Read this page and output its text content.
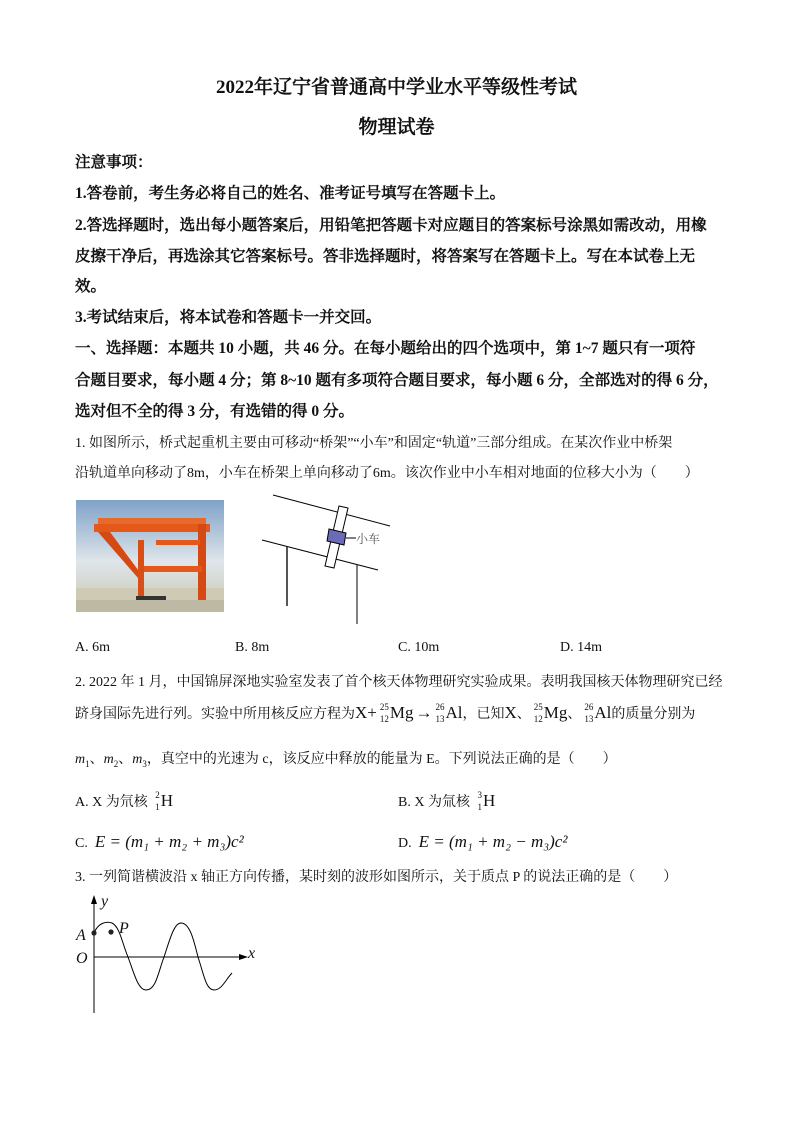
2022年辽宁省普通高中学业水平等级性考试
物理试卷
注意事项：
1.答卷前，考生务必将自己的姓名、准考证号填写在答题卡上。
2.答选择题时，选出每小题答案后，用铅笔把答题卡对应题目的答案标号涂黑如需改动，用橡
皮擦干净后，再选涂其它答案标号。答非选择题时，将答案写在答题卡上。写在本试卷上无
效。
3.考试结束后，将本试卷和答题卡一并交回。
一、选择题：本题共 10 小题，共 46 分。在每小题给出的四个选项中，第 1~7 题只有一项符
合题目要求，每小题 4 分；第 8~10 题有多项符合题目要求，每小题 6 分，全部选对的得 6 分，
选对但不全的得 3 分，有选错的得 0 分。
1. 如图所示，桥式起重机主要由可移动“桥架”“小车”和固定“轨道”三部分组成。在某次作业中桥架
沿轨道单向移动了8m，小车在桥架上单向移动了6m。该次作业中小车相对地面的位移大小为（　　）
小车
A. 6m	B. 8m	C. 10m	D. 14m
2. 2022 年 1 月，中国锦屏深地实验室发表了首个核天体物理研究实验成果。表明我国核天体物理研究已经
跻身国际先进行列。实验中所用核反应方程为 X + 25
12 Mg → 26
13 Al ，已知 X 、 25
12 Mg 、 26
13 Al 的质量分别为
$m_1$、$m_2$、$m_3$，真空中的光速为 c，该反应中释放的能量为 E。下列说法正确的是（　　）
A. X 为氘核 2
1 H	B. X 为氚核 3
1 H
C. E = (m₁ + m₂ + m₃)c²	D. E = (m₁ + m₂ − m₃)c²
3. 一列简谐横波沿 x 轴正方向传播，某时刻的波形如图所示，关于质点 P 的说法正确的是（　　）
y
x
O
A P
